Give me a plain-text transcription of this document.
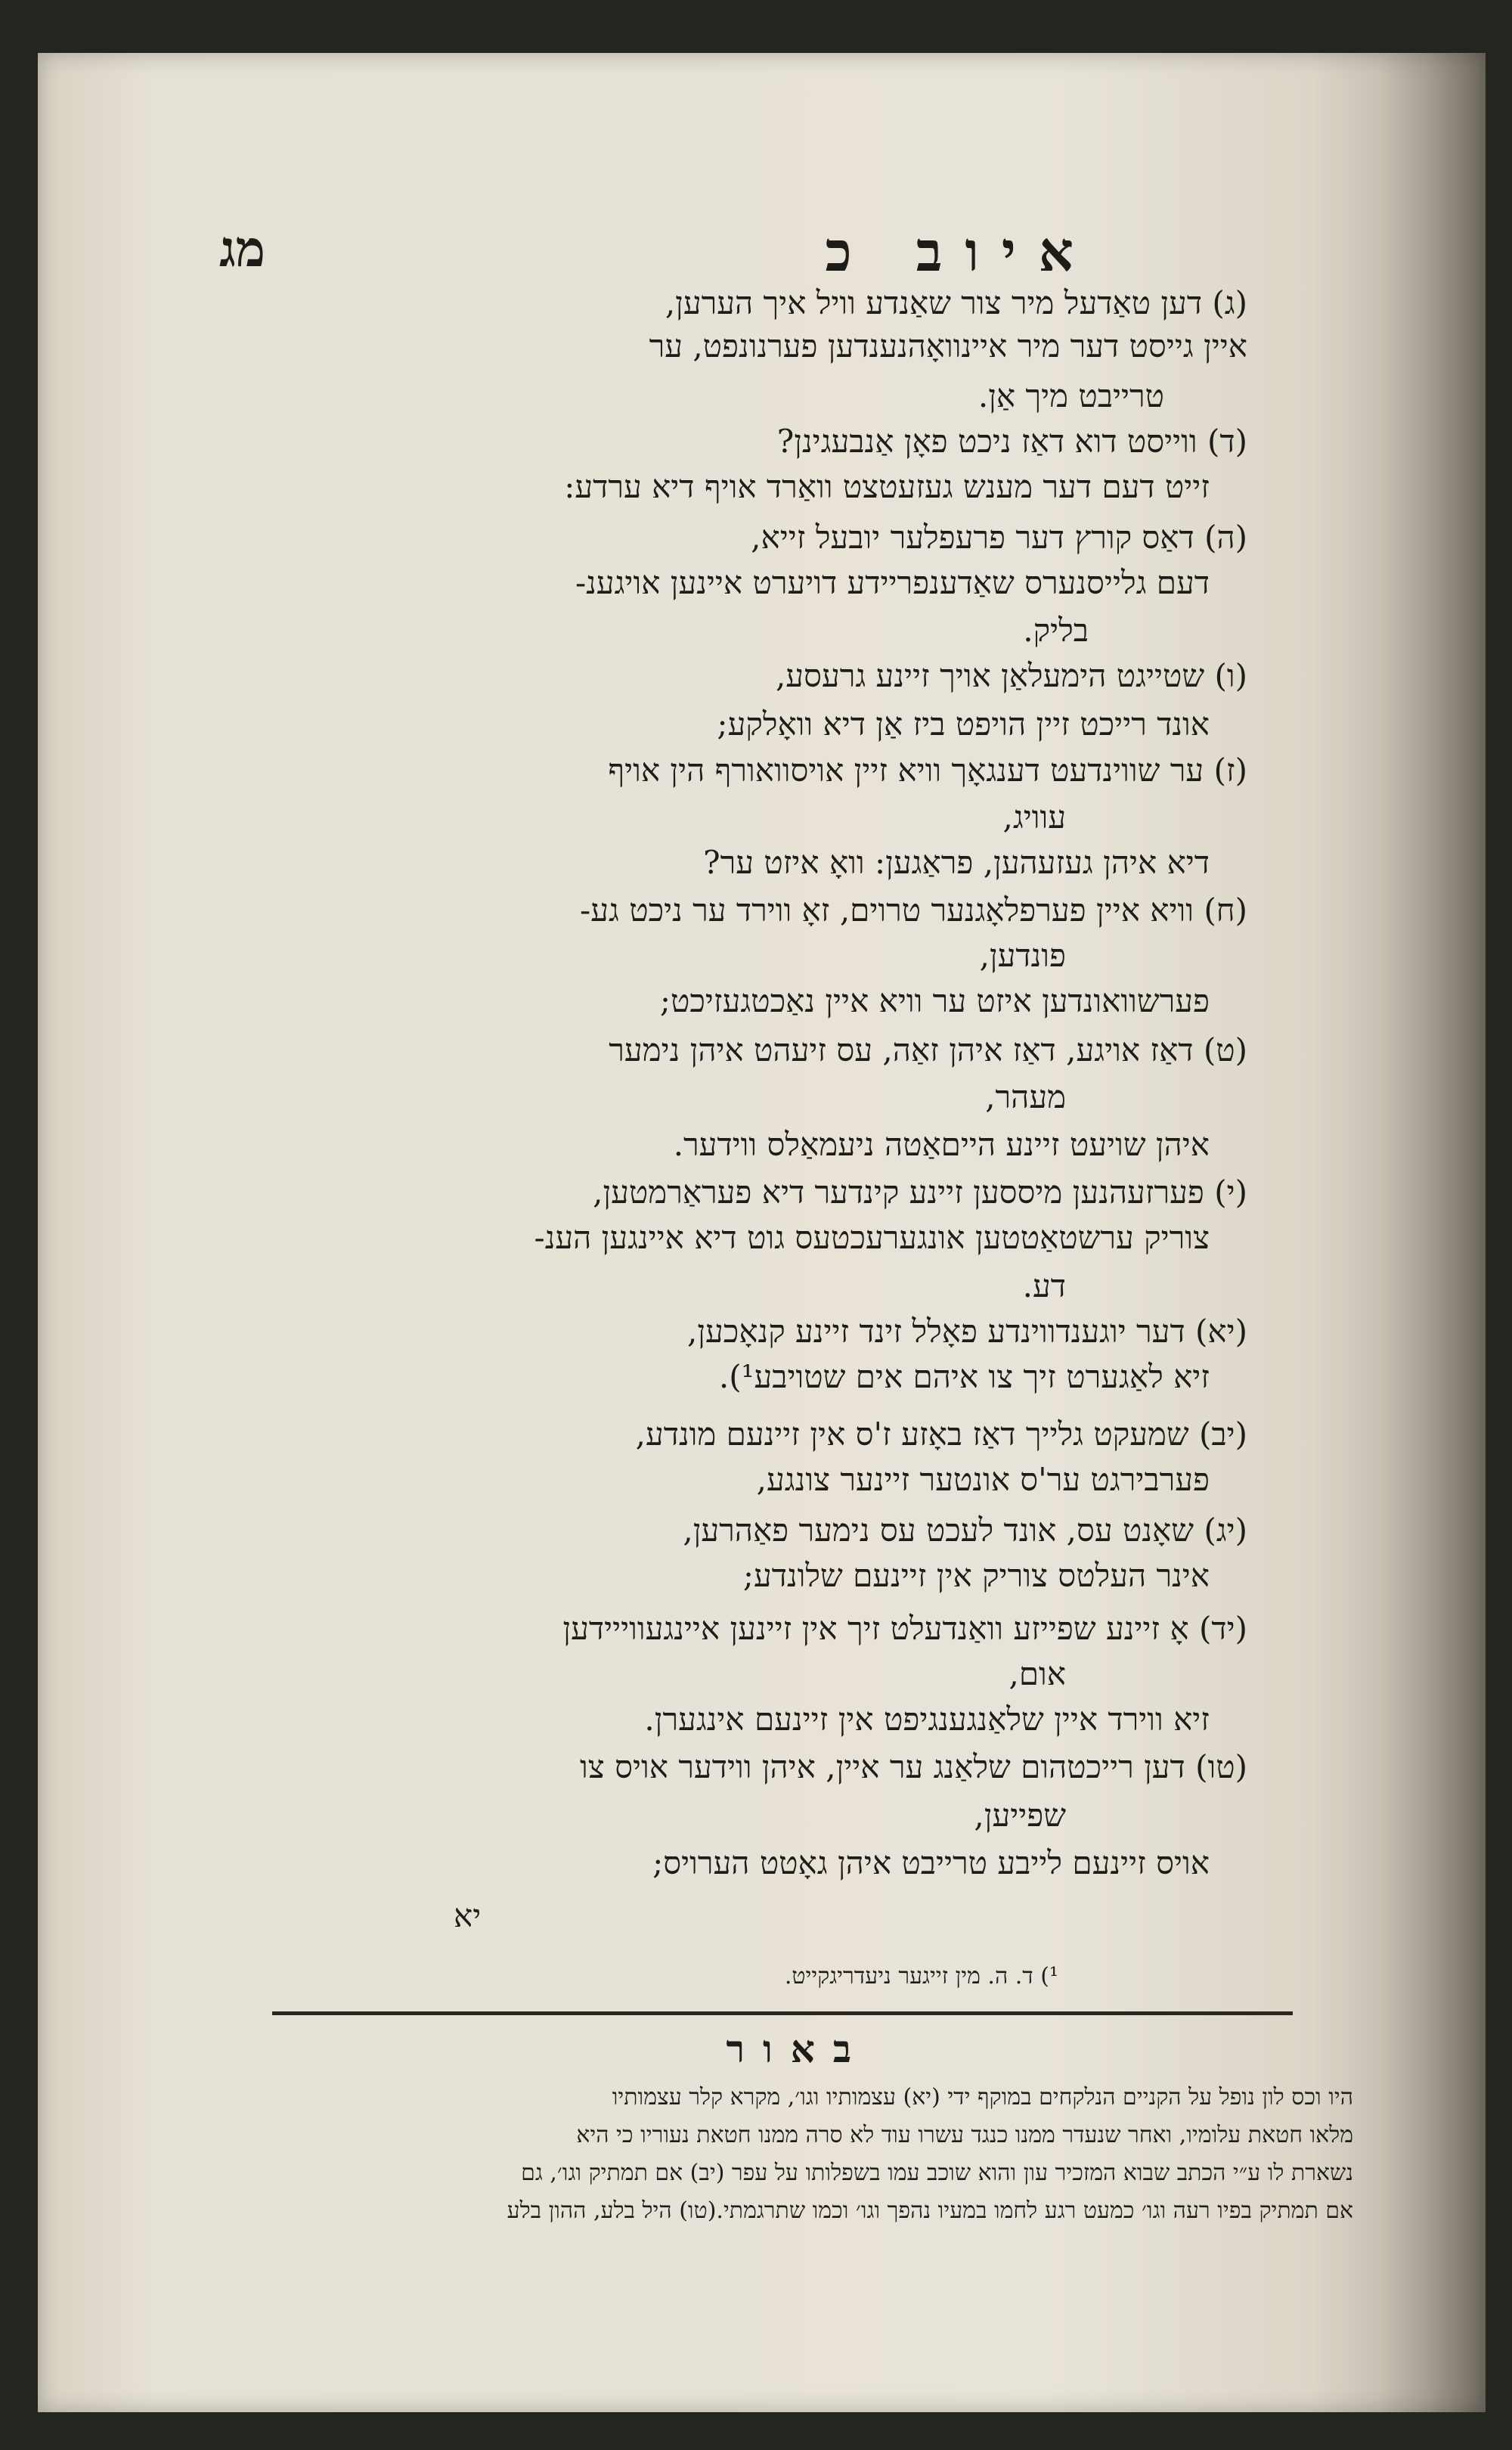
איוב כ
מג
(ג) דען טאַדעל מיר צור שאַנדע וויל איך הערען,
איין גייסט דער מיר איינוואָהנענדען פערנונפט, ער
טרייבט מיך אַן.
(ד) ווייסט דוא דאַז ניכט פאָן אַנבעגינן?
זייט דעם דער מענש געזעטצט וואַרד אויף דיא ערדע:
(ה) דאַס קורץ דער פרעפלער יובעל זייא,
דעם גלייסנערס שאַדענפריידע דויערט איינען אויגענ-
בליק.
(ו) שטייגט הימעלאַן אויך זיינע גרעסע,
אונד רייכט זיין הויפט ביז אַן דיא וואָלקע;
(ז) ער שווינדעט דענגאָך וויא זיין אויסוואורף הין אויף
עוויג,
דיא איהן געזעהען, פראַגען: וואָ איזט ער?
(ח) וויא איין פערפלאָגנער טרוים, זאָ ווירד ער ניכט גע-
פונדען,
פערשוואונדען איזט ער וויא איין נאַכטגעזיכט;
(ט) דאַז אויגע, דאַז איהן זאַה, עס זיעהט איהן נימער
מעהר,
איהן שויעט זיינע הייםאַטה ניעמאַלס ווידער.
(י) פערזעהנען מיססען זיינע קינדער דיא פעראַרמטען,
צוריק ערשטאַטטען אונגערעכטעס גוט דיא איינגען הענ-
דע.
(יא) דער יוגענדווינדע פאָלל זינד זיינע קנאָכען,
זיא לאַגערט זיך צו איהם אים שטויבע¹).
(יב) שמעקט גלייך דאַז באָזע ז'ס אין זיינעם מונדע,
פערבירגט ער'ס אונטער זיינער צונגע,
(יג) שאָנט עס, אונד לעכט עס נימער פאַהרען,
אינר העלטס צוריק אין זיינעם שלונדע;
(יד) אָ זיינע שפייזע וואַנדעלט זיך אין זיינען איינגעווייידען
אום,
זיא ווירד איין שלאַנגענגיפט אין זיינעם אינגערן.
(טו) דען רייכטהום שלאַנג ער איין, איהן ווידער אויס צו
שפייען,
אויס זיינעם לייבע טרייבט איהן גאָטט הערויס;
יא
¹) ד. ה. מין זייגער ניעדריגקייט.
באור
היו וכס לון נופל על הקניים הנלקחים במוקף ידי (יא) עצמותיו וגו׳, מקרא קלר עצמותיו
מלאו חטאת עלומיו, ואחר שנעדר ממנו כנגד עשרו עוד לא סרה ממנו חטאת נעוריו כי היא
נשארת לו ע״י הכתב שבוא המזכיר עון והוא שוכב עמו בשפלותו על עפר (יב) אם תמתיק וגו׳, גם
אם תמתיק בפיו רעה וגו׳ כמעט רגע לחמו במעיו נהפך וגו׳ וכמו שתרגמתי.(טו) היל בלע, ההון בלע
